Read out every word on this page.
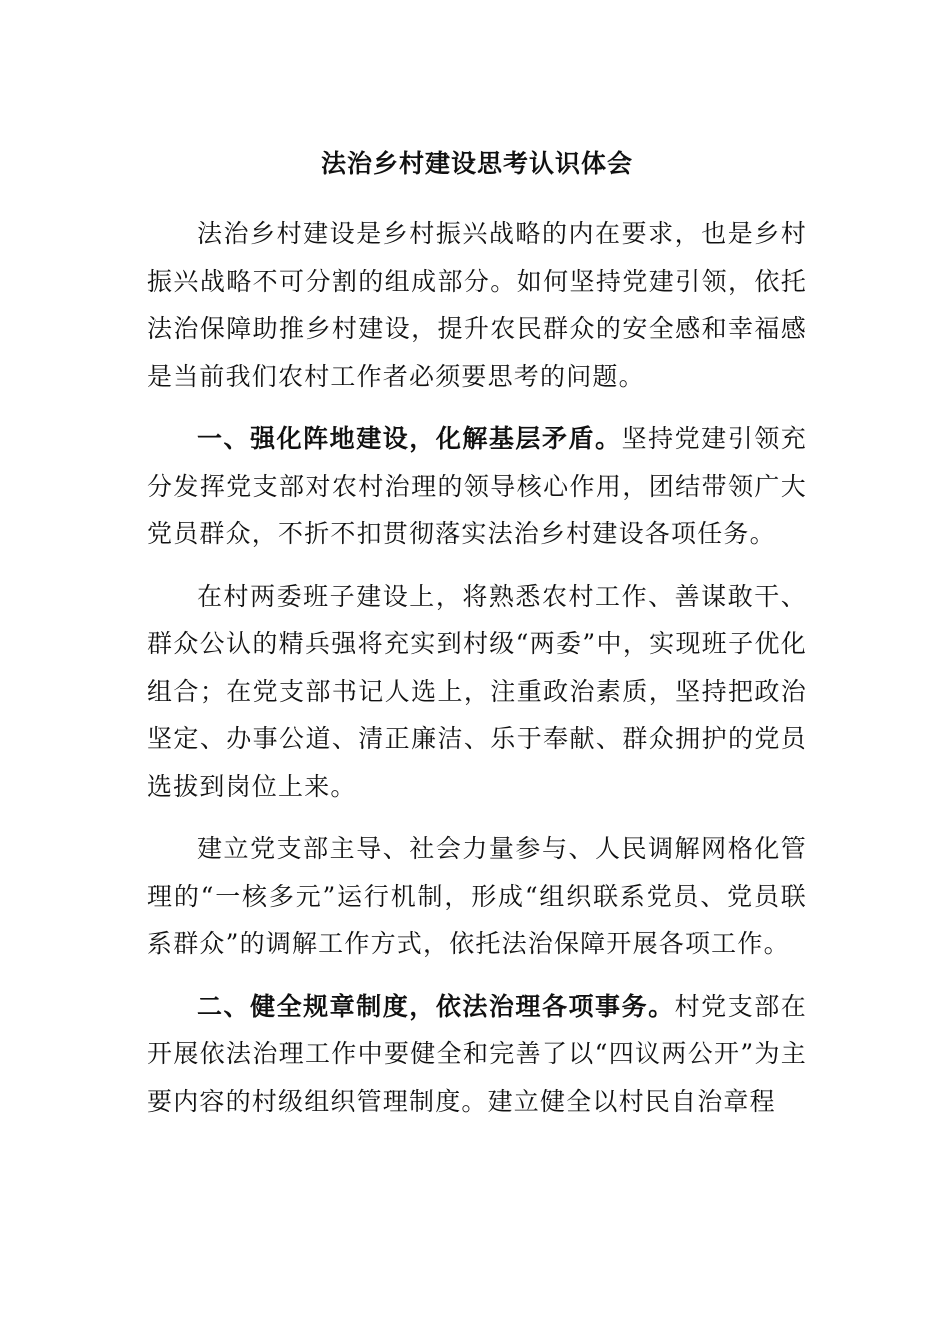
法治乡村建设思考认识体会

法治乡村建设是乡村振兴战略的内在要求，也是乡村振兴战略不可分割的组成部分。如何坚持党建引领，依托法治保障助推乡村建设，提升农民群众的安全感和幸福感是当前我们农村工作者必须要思考的问题。

一、强化阵地建设，化解基层矛盾。坚持党建引领充分发挥党支部对农村治理的领导核心作用，团结带领广大党员群众，不折不扣贯彻落实法治乡村建设各项任务。

在村两委班子建设上，将熟悉农村工作、善谋敢干、群众公认的精兵强将充实到村级“两委”中，实现班子优化组合；在党支部书记人选上，注重政治素质，坚持把政治坚定、办事公道、清正廉洁、乐于奉献、群众拥护的党员选拔到岗位上来。

建立党支部主导、社会力量参与、人民调解网格化管理的“一核多元”运行机制，形成“组织联系党员、党员联系群众”的调解工作方式，依托法治保障开展各项工作。

二、健全规章制度，依法治理各项事务。村党支部在开展依法治理工作中要健全和完善了以“四议两公开”为主要内容的村级组织管理制度。建立健全以村民自治章程
